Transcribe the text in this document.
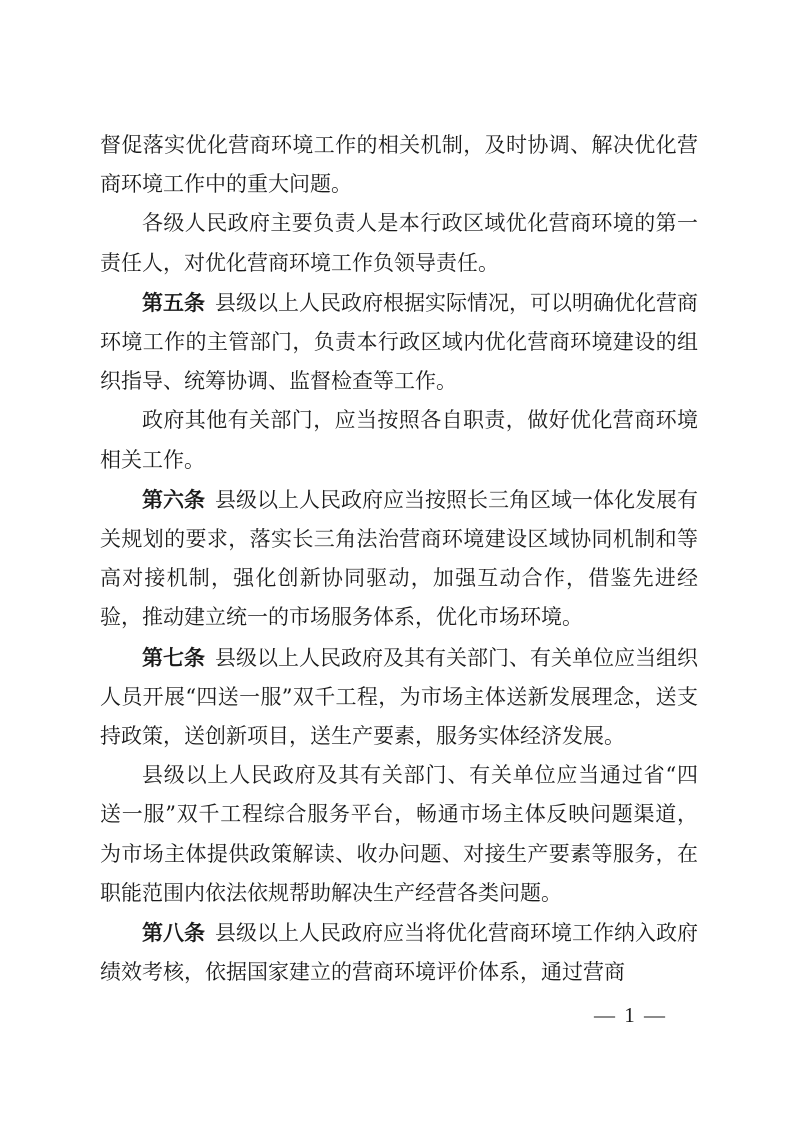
督促落实优化营商环境工作的相关机制，及时协调、解决优化营商环境工作中的重大问题。

各级人民政府主要负责人是本行政区域优化营商环境的第一责任人，对优化营商环境工作负领导责任。

第五条 县级以上人民政府根据实际情况，可以明确优化营商环境工作的主管部门，负责本行政区域内优化营商环境建设的组织指导、统筹协调、监督检查等工作。

政府其他有关部门，应当按照各自职责，做好优化营商环境相关工作。

第六条 县级以上人民政府应当按照长三角区域一体化发展有关规划的要求，落实长三角法治营商环境建设区域协同机制和等高对接机制，强化创新协同驱动，加强互动合作，借鉴先进经验，推动建立统一的市场服务体系，优化市场环境。

第七条 县级以上人民政府及其有关部门、有关单位应当组织人员开展“四送一服”双千工程，为市场主体送新发展理念，送支持政策，送创新项目，送生产要素，服务实体经济发展。

县级以上人民政府及其有关部门、有关单位应当通过省“四送一服”双千工程综合服务平台，畅通市场主体反映问题渠道，为市场主体提供政策解读、收办问题、对接生产要素等服务，在职能范围内依法依规帮助解决生产经营各类问题。

第八条 县级以上人民政府应当将优化营商环境工作纳入政府绩效考核，依据国家建立的营商环境评价体系，通过营商

— 1 —
